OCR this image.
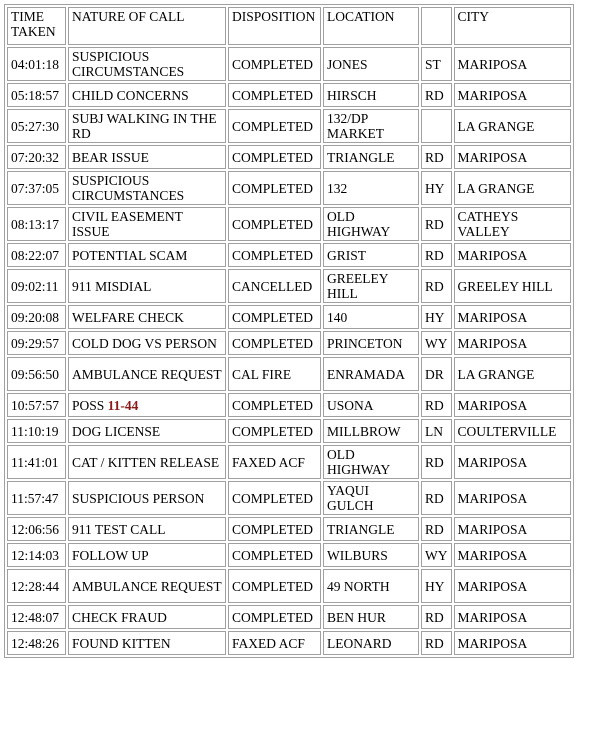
TIME TAKEN	NATURE OF CALL	DISPOSITION	LOCATION		CITY
04:01:18	SUSPICIOUS CIRCUMSTANCES	COMPLETED	JONES	ST	MARIPOSA
05:18:57	CHILD CONCERNS	COMPLETED	HIRSCH	RD	MARIPOSA
05:27:30	SUBJ WALKING IN THE RD	COMPLETED	132/DP MARKET		LA GRANGE
07:20:32	BEAR ISSUE	COMPLETED	TRIANGLE	RD	MARIPOSA
07:37:05	SUSPICIOUS CIRCUMSTANCES	COMPLETED	132	HY	LA GRANGE
08:13:17	CIVIL EASEMENT ISSUE	COMPLETED	OLD HIGHWAY	RD	CATHEYS VALLEY
08:22:07	POTENTIAL SCAM	COMPLETED	GRIST	RD	MARIPOSA
09:02:11	911 MISDIAL	CANCELLED	GREELEY HILL	RD	GREELEY HILL
09:20:08	WELFARE CHECK	COMPLETED	140	HY	MARIPOSA
09:29:57	COLD DOG VS PERSON	COMPLETED	PRINCETON	WY	MARIPOSA
09:56:50	AMBULANCE REQUEST	CAL FIRE	ENRAMADA	DR	LA GRANGE
10:57:57	POSS 11-44	COMPLETED	USONA	RD	MARIPOSA
11:10:19	DOG LICENSE	COMPLETED	MILLBROW	LN	COULTERVILLE
11:41:01	CAT / KITTEN RELEASE	FAXED ACF	OLD HIGHWAY	RD	MARIPOSA
11:57:47	SUSPICIOUS PERSON	COMPLETED	YAQUI GULCH	RD	MARIPOSA
12:06:56	911 TEST CALL	COMPLETED	TRIANGLE	RD	MARIPOSA
12:14:03	FOLLOW UP	COMPLETED	WILBURS	WY	MARIPOSA
12:28:44	AMBULANCE REQUEST	COMPLETED	49 NORTH	HY	MARIPOSA
12:48:07	CHECK FRAUD	COMPLETED	BEN HUR	RD	MARIPOSA
12:48:26	FOUND KITTEN	FAXED ACF	LEONARD	RD	MARIPOSA
